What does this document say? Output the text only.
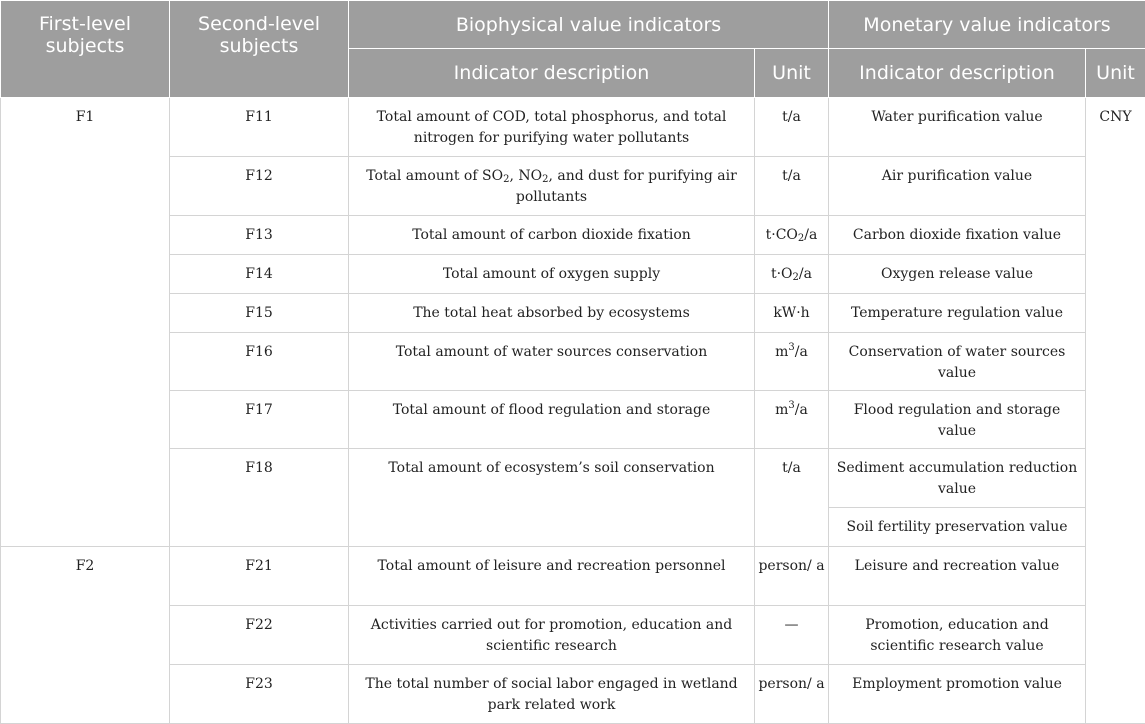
First-level subjects	Second-level subjects	Biophysical value indicators		Monetary value indicators	
		Indicator description	Unit	Indicator description	Unit
F1	F11	Total amount of COD, total phosphorus, and total nitrogen for purifying water pollutants	t/a	Water purification value	CNY
	F12	Total amount of $SO_2$, $NO_2$, and dust for purifying air pollutants	t/a	Air purification value	
	F13	Total amount of carbon dioxide fixation	$t\cdot CO_2/a$	Carbon dioxide fixation value	
	F14	Total amount of oxygen supply	$t\cdot O_2/a$	Oxygen release value	
	F15	The total heat absorbed by ecosystems	kW·h	Temperature regulation value	
	F16	Total amount of water sources conservation	$m^3/a$	Conservation of water sources value	
	F17	Total amount of flood regulation and storage	$m^3/a$	Flood regulation and storage value	
	F18	Total amount of ecosystem’s soil conservation	t/a	Sediment accumulation reduction value	
				Soil fertility preservation value	
F2	F21	Total amount of leisure and recreation personnel	person/ a	Leisure and recreation value	
	F22	Activities carried out for promotion, education and scientific research	—	Promotion, education and scientific research value	
	F23	The total number of social labor engaged in wetland park related work	person/ a	Employment promotion value	
